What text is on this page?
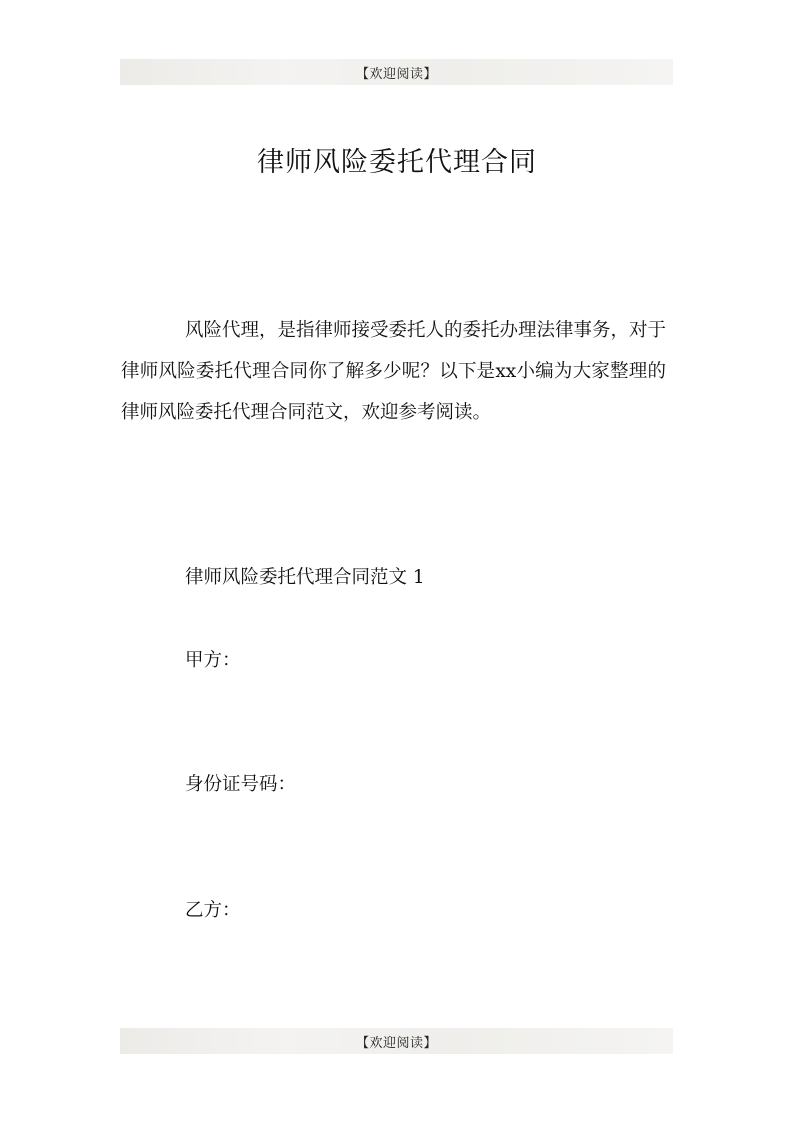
【欢迎阅读】
律师风险委托代理合同

风险代理，是指律师接受委托人的委托办理法律事务，对于律师风险委托代理合同你了解多少呢？以下是xx小编为大家整理的律师风险委托代理合同范文，欢迎参考阅读。

律师风险委托代理合同范文 1

甲方：

身份证号码：

乙方：

【欢迎阅读】
